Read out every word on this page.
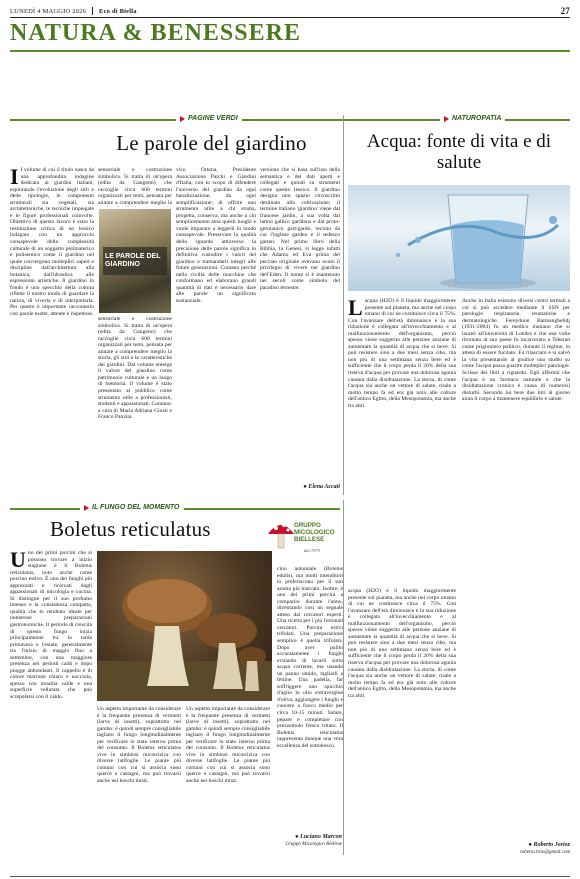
LUNEDÌ 4 MAGGIO 2026 Eco di Biella	27
NATURA & BENESSERE
PAGINE VERDI
Le parole del giardino
I I volume di cui il titolo nasce da una approfondita indagine dedicata ai giardini italiani, esplorando l'evoluzione degli stili e delle tipologie, le componenti strutturali sia vegetali, sia architettoniche, le tecniche impiegate e le figure professionali coinvolte. Obiettivo di questo lavoro è stato la restituzione critica di un lessico indagato con un approccio consapevole della complessità culturale di un soggetto polimaterico e polisemico come il giardino nel quale convergono molteplici saperi e discipline dall'architettura alla botanica, dall'idraulica alle espressioni artistiche. Il giardino in fondo è uno specchio della cultura riflette il nostro modo di guardare la natura, di viverla e di interpretarla. Per questo è importante raccontarlo con parole esatte, attente e rispettose.
sensoriale e costruzione simbolica. Si tratta di un'opera (edita da Gangemi) che raccoglie circa 600 termini organizzati per temi, pensata per aiutare a comprendere meglio la
LE PAROLE DEL GIARDINO
sensoriale e costruzione simbolica. Si tratta di un'opera (edita da Gangemi) che raccoglie circa 600 termini organizzati per temi, pensata per aiutare a comprendere meglio la storia, gli stili e le caratteristiche dei giardini. Dal volume emerge il valore del giardino come patrimonio culturale e un luogo di memoria. Il volume è stato presentato al pubblico come strumento utile a professionisti, studenti e appassionati. Contano: a cura di Maria Adriana Giusti e Franco Panzini.
vico Ortona, Presidente Associazione Parchi e Giardini d'Italia, con lo scopo di difendere l'universo del giardino da ogni banalizzazione, da ogni semplificazione; di offrire uno strumento utile a chi studia, progetta, conserva, ma anche a chi semplicemente ama questi luoghi e vuole imparare a leggerli in modo consapevole. Preservare la qualità dello sguardo attraverso la precisione delle parole significa in definitiva custodire i valori del giardino e tramandarli integri alle future generazioni. Contano perché nella civiltà delle macchine che conformano ed elaborano grandi quantità di dati è necessario dare alle parole un significato sostanziale.
versione che si basa sull'uso della semantica e dei dati aperti e collegati e quindi su strumenti come questo lessico. Il giardino designa uno spazio circoscritto destinato alla coltivazione; il termine italiano 'giardino' viene dal francese jardin, a sua volta dal latino gallico gardinus e dal proto-germanico gart/gardo, recinto da cui l'inglese garden e il tedesco garten. Nel primo libro della Bibbia, la Genesi, si legge infatti che Adamo ed Eva prima del peccato originale avevano avuto il privilegio di vivere nel giardino dell'Eden. Il nome si è mantenuto nei secoli come simbolo del paradiso terrestre.
● Elena Accati
NATUROPATIA
Acqua: fonte di vita e di salute
Lacqua (H2O) è il liquido maggiormente presente sul pianeta, ma anche nel corpo umano di cui ne costituisce circa il 75%. Con l'avanzare dell'età diminuisce e la sua riduzione è collegata all'invecchiamento e al malfunzionamento dell'organismo, perciò spesso viene suggerito alle persone anziane di aumentare la quantità di acqua che si beve. Si può resistere sino a due mesi senza cibo, ma non più di una settimana senza bere ed è sufficiente che il corpo perda il 20% della sua riserva d'acqua per provare una dolorosa agonia causata dalla disidratazione. La storia, di come l'acqua sia anche un vettore di salute, risale a molto tempo fa ed era già noto alle culture dell'antico Egitto, della Mesopotamia, ma anche tra altri.
Anche in Italia esistono diversi centri termali a cui si può accedere mediante il SSN per patologie respiratorie, reumatiche e dermatologiche. Fereydoon Batmanghelidj (1931-2004) fu un medico iraniano che si laureò all'università di Londra e che una volta ritornato al suo paese fu incarcerato a Teheran come prigioniero politico, durante il regime, in attesa di essere fucilato. Fu rilasciato e si salvò la vita presentando al giudice uno studio su come l'acqua possa guarire molteplici patologie. Scrisse dei libri a riguardo. Egli affermò che l'acqua è un farmaco naturale e che la disidratazione cronica è causa di numerosi disturbi. Secondo lui bere due litri al giorno aiuta il corpo a mantenere equilibrio e salute.
acqua (H2O) è il liquido maggiormente presente sul pianeta, ma anche nel corpo umano di cui ne costituisce circa il 75%. Con l'avanzare dell'età diminuisce e la sua riduzione è collegata all'invecchiamento e al malfunzionamento dell'organismo, perciò spesso viene suggerito alle persone anziane di aumentare la quantità di acqua che si beve. Si può resistere sino a due mesi senza cibo, ma non più di una settimana senza bere ed è sufficiente che il corpo perda il 20% della sua riserva d'acqua per provare una dolorosa agonia causata dalla disidratazione. La storia, di come l'acqua sia anche un vettore di salute, risale a molto tempo fa ed era già noto alle culture dell'antico Egitto, della Mesopotamia, ma anche tra altri.
● Roberto Jorioz
roberto.brio@gmail.com
IL FUNGO DEL MOMENTO
Boletus reticulatus	GRUPPO MICOLOGICO BIELLESE
dal 1979
Uno dei primi porcini che si possono trovare a inizio stagione è il Boletus reticulatus, noto anche come porcino estivo. È uno dei funghi più apprezzati e ricercati dagli appassionati di micologia e cucina. Si distingue per il suo profumo intenso e la consistenza compatta, qualità che lo rendono ideale per numerose preparazioni gastronomiche. Il periodo di crescita di questo fungo inizia principalmente tra la tarda primavera e l'estate, generalmente tra l'inizio di maggio fino a settembre, con una maggiore presenza nei periodi caldi e dopo piogge abbondanti. Il cappello è di colore marrone chiaro o nocciola, spesso con tonalità calde e una superficie vellutata che può screpolarsi con il caldo.
Un aspetto importante da considerare è la frequente presenza di vermetti (larve di insetti), soprattutto nel gambo: è quindi sempre consigliabile tagliare il fungo longitudinalmente per verificare lo stato interno prima del consumo. Il Boletus reticulatus vive in simbiosi micorrizica con diverse latifoglie. Le piante più comuni con cui si associa sono querce e castagni, ma può trovarsi anche nei boschi misti.
Un aspetto importante da considerare è la frequente presenza di vermetti (larve di insetti), soprattutto nel gambo: è quindi sempre consigliabile tagliare il fungo longitudinalmente per verificare lo stato interno prima del consumo. Il Boletus reticulatus vive in simbiosi micorrizica con diverse latifoglie. Le piante più comuni con cui si associa sono querce e castagni, ma può trovarsi anche nei boschi misti.
cino autunnale (Boletus edulis), ma molti intenditori lo preferiscono per il suo aroma più marcato. Inoltre, è uno dei primi porcini a comparire durante l'anno, diventando così un segnale atteso dai cercatori esperti. Una ricetta per i più fortunati cercatori. Porcini estivi trifolati. Una preparazione semplice è quella trifolata. Dopo aver pulito accuratamente i funghi evitando di lavarli sotto acqua corrente, ma usando un panno umido, tagliarli a fettine. Una padella, far soffriggere uno spicchio d'aglio in olio extravergine d'oliva, aggiungere i funghi e cuocere a fuoco medio per circa 10-15 minuti. Salare, pepare e completare con prezzemolo fresco tritato. Il Boletus reticulatus rappresenta dunque una vera eccellenza del sottobosco.
● Luciano Marcon
Gruppo Micologico Biellese
